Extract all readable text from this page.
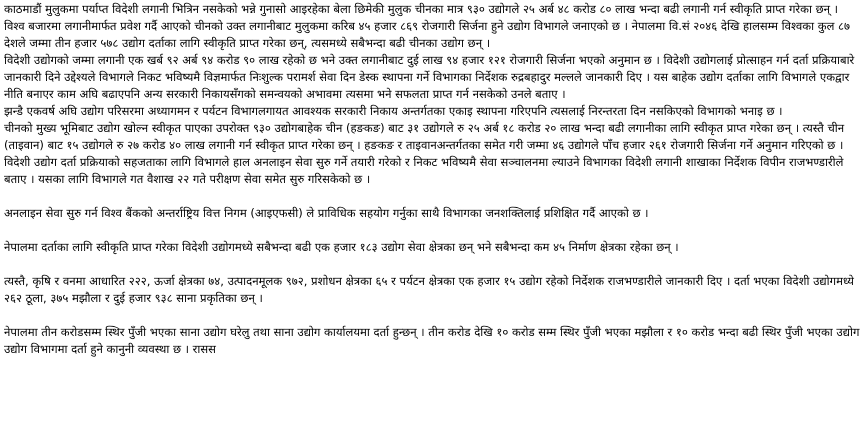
काठमाडौं मुलुकमा पर्याप्त विदेशी लगानी भित्रिन नसकेको भन्ने गुनासो आइरहेका बेला छिमेकी मुलुक चीनका मात्र ९३० उद्योगले २५ अर्ब ४८ करोड ८० लाख भन्दा बढी लगानी गर्न स्वीकृति प्राप्त गरेका छन् । विश्व बजारमा लगानीमार्फत प्रवेश गर्दै आएको चीनको उक्त लगानीबाट मुलुकमा करिब ४५ हजार ८६९ रोजगारी सिर्जना हुने उद्योग विभागले जनाएको छ । नेपालमा वि.सं २०४६ देखि हालसम्म विश्वका कुल ८७ देशले जम्मा तीन हजार ५७८ उद्योग दर्ताका लागि स्वीकृति प्राप्त गरेका छन्, त्यसमध्ये सबैभन्दा बढी चीनका उद्योग छन् ।

विदेशी उद्योगको जम्मा लगानी एक खर्ब ९२ अर्ब ९४ करोड ९० लाख रहेको छ भने उक्त लगानीबाट दुई लाख ९४ हजार १२१ रोजगारी सिर्जना भएको अनुमान छ । विदेशी उद्योगलाई प्रोत्साहन गर्न दर्ता प्रक्रियाबारे जानकारी दिने उद्देश्यले विभागले निकट भविष्यमै विज्ञमार्फत निःशुल्क परामर्श सेवा दिन डेस्क स्थापना गर्ने विभागका निर्देशक रुद्रबहादुर मल्लले जानकारी दिए । यस बाहेक उद्योग दर्ताका लागि विभागले एकद्वार नीति बनाएर काम अघि बढाएपनि अन्य सरकारी निकायसँगको समन्वयको अभावमा त्यसमा भने सफलता प्राप्त गर्न नसकेको उनले बताए ।

झन्डै एकवर्ष अघि उद्योग परिसरमा अध्यागमन र पर्यटन विभागलगायत आवश्यक सरकारी निकाय अन्तर्गतका एकाइ स्थापना गरिएपनि त्यसलाई निरन्तरता दिन नसकिएको विभागको भनाइ छ ।

चीनको मुख्य भूमिबाट उद्योग खोल्न स्वीकृत पाएका उपरोक्त ९३० उद्योगबाहेक चीन (हङकङ) बाट ३१ उद्योगले रु २५ अर्ब १८ करोड २० लाख भन्दा बढी लगानीका लागि स्वीकृत प्राप्त गरेका छन् । त्यस्तै चीन (ताइवान) बाट १५ उद्योगले रु २७ करोड ४० लाख लगानी गर्न स्वीकृत प्राप्त गरेका छन् । हङकङ र ताइवानअन्तर्गतका समेत गरी जम्मा ४६ उद्योगले पाँच हजार २६१ रोजगारी सिर्जना गर्ने अनुमान गरिएको छ । विदेशी उद्योग दर्ता प्रक्रियाको सहजताका लागि विभागले हाल अनलाइन सेवा सुरु गर्ने तयारी गरेको र निकट भविष्यमै सेवा सञ्चालनमा ल्याउने विभागका विदेशी लगानी शाखाका निर्देशक विपीन राजभण्डारीले बताए । यसका लागि विभागले गत वैशाख २२ गते परीक्षण सेवा समेत सुरु गरिसकेको छ ।

अनलाइन सेवा सुरु गर्न विश्व बैंकको अन्तर्राष्ट्रिय वित्त निगम (आइएफसी) ले प्राविधिक सहयोग गर्नुका साथै विभागका जनशक्तिलाई प्रशिक्षित गर्दै आएको छ ।

नेपालमा दर्ताका लागि स्वीकृति प्राप्त गरेका विदेशी उद्योगमध्ये सबैभन्दा बढी एक हजार १८३ उद्योग सेवा क्षेत्रका छन् भने सबैभन्दा कम ४५ निर्माण क्षेत्रका रहेका छन् ।

त्यस्तै, कृषि र वनमा आधारित २२२, ऊर्जा क्षेत्रका ७४, उत्पादनमूलक ९७२, प्रशोधन क्षेत्रका ६५ र पर्यटन क्षेत्रका एक हजार १५ उद्योग रहेको निर्देशक राजभण्डारीले जानकारी दिए । दर्ता भएका विदेशी उद्योगमध्ये २६२ ठूला, ३७५ मझौला र दुई हजार ९३८ साना प्रकृतिका छन् ।

नेपालमा तीन करोडसम्म स्थिर पुँजी भएका साना उद्योग घरेलु तथा साना उद्योग कार्यालयमा दर्ता हुन्छन् । तीन करोड देखि १० करोड सम्म स्थिर पुँजी भएका मझौला र १० करोड भन्दा बढी स्थिर पुँजी भएका उद्योग उद्योग विभागमा दर्ता हुने कानुनी व्यवस्था छ । रासस
